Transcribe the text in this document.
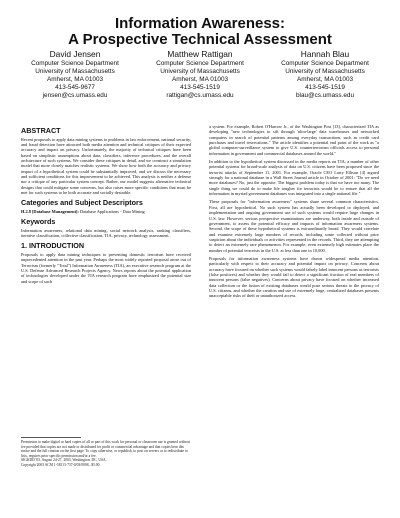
Information Awareness:
A Prospective Technical Assessment
David Jensen
Computer Science Department
University of Massachusetts
Amherst, MA 01003
413-545-9677
jensen@cs.umass.edu
Matthew Rattigan
Computer Science Department
University of Massachusetts
Amherst, MA 01003
413-545-1519
rattigan@cs.umass.edu
Hannah Blau
Computer Science Department
University of Massachusetts
Amherst, MA 01003
413-545-1519
blau@cs.umass.edu
ABSTRACT

Recent proposals to apply data mining systems to problems in law enforcement, national security, and fraud detection have attracted both media attention and technical critiques of their expected accuracy and impact on privacy. Unfortunately, the majority of technical critiques have been based on simplistic assumptions about data, classifiers, inference procedures, and the overall architecture of such systems. We consider these critiques in detail, and we construct a simulation model that more closely matches realistic systems. We show how both the accuracy and privacy impact of a hypothetical system could be substantially improved, and we discuss the necessary and sufficient conditions for this improvement to be achieved. This analysis is neither a defense nor a critique of any particular system concept. Rather, our model suggests alternative technical designs that could mitigate some concerns, but also raises more specific conditions that must be met for such systems to be both accurate and socially desirable.

Categories and Subject Descriptors

H.2.8 [Database Management]: Database Applications - Data Mining

Keywords

Information awareness, relational data mining, social network analysis, ranking classifiers, iterative classification, collective classification, TIA, privacy, technology assessment.

1. INTRODUCTION

Proposals to apply data mining techniques to preventing domestic terrorism have received unprecedented attention in the past year. Perhaps the most widely reported proposal arose out of Terrorism (formerly "Total") Information Awareness (TIA), an executive research program at the U.S. Defense Advanced Research Projects Agency. News reports about the potential application of technologies developed under the TIA research program have emphasized the potential size and scope of such

Permission to make digital or hard copies of all or part of this work for personal or classroom use is granted without fee provided that copies are not made or distributed for profit or commercial advantage and that copies bear this notice and the full citation on the first page. To copy otherwise, or republish, to post on servers or to redistribute to lists, requires prior specific permission and/or a fee.

SIGKDD '03, August 24-27, 2003, Washington, DC, USA.

Copyright 2003 ACM 1-58113-737-0/03/0008...$5.00.

a system. For example, Robert O'Harrow Jr., of the Washington Post [13], characterized TIA as developing "new technologies to sift through 'ultra-large' data warehouses and networked computers in search of potential patterns among everyday transactions, such as credit card purchases and travel reservations." The article identifies a potential end point of the work as "a global computer-surveillance system to give U.S. counterterrorism officials access to personal information in government and commercial databases around the world."

In addition to the hypothetical system discussed in the media reports on TIA, a number of other potential systems for broad-scale analysis of data on U.S. citizens have been proposed since the terrorist attacks of September 11, 2001. For example, Oracle CEO Larry Ellison [4] argued strongly for a national database in a Wall Street Journal article in October of 2001: "Do we need more databases? No, just the opposite. The biggest problem today is that we have too many. The single thing we could do to make life tougher for terrorists would be to ensure that all the information in myriad government databases was integrated into a single national file."

These proposals for "information awareness" systems share several common characteristics. First, all are hypothetical. No such system has actually been developed or deployed, and implementation and ongoing government use of such systems would require large changes in U.S. law. However, serious prospective examinations are underway, both inside and outside of government, to assess the potential efficacy and impacts of information awareness systems. Second, the scope of these hypothetical systems is extraordinarily broad. They would correlate and examine extremely large numbers of records, including some collected without prior suspicion about the individuals or activities represented in the records. Third, they are attempting to detect an extremely rare phenomenon. For example, even extremely high estimates place the number of potential terrorists in the U.S. at less than one in 10,000.

Proposals for information awareness systems have drawn widespread media attention, particularly with respect to their accuracy and potential impact on privacy. Concerns about accuracy have focused on whether such systems would falsely label innocent persons as terrorists (false positives) and whether they would fail to detect a significant fraction of real members of innocent persons (false negatives). Concerns about privacy have focused on whether increased data collection or the fusion of existing databases would pose serious threats to the privacy of U.S. citizens, and whether the creation and use of extremely large, centralized databases presents unacceptable risks of theft or unauthorized access.
